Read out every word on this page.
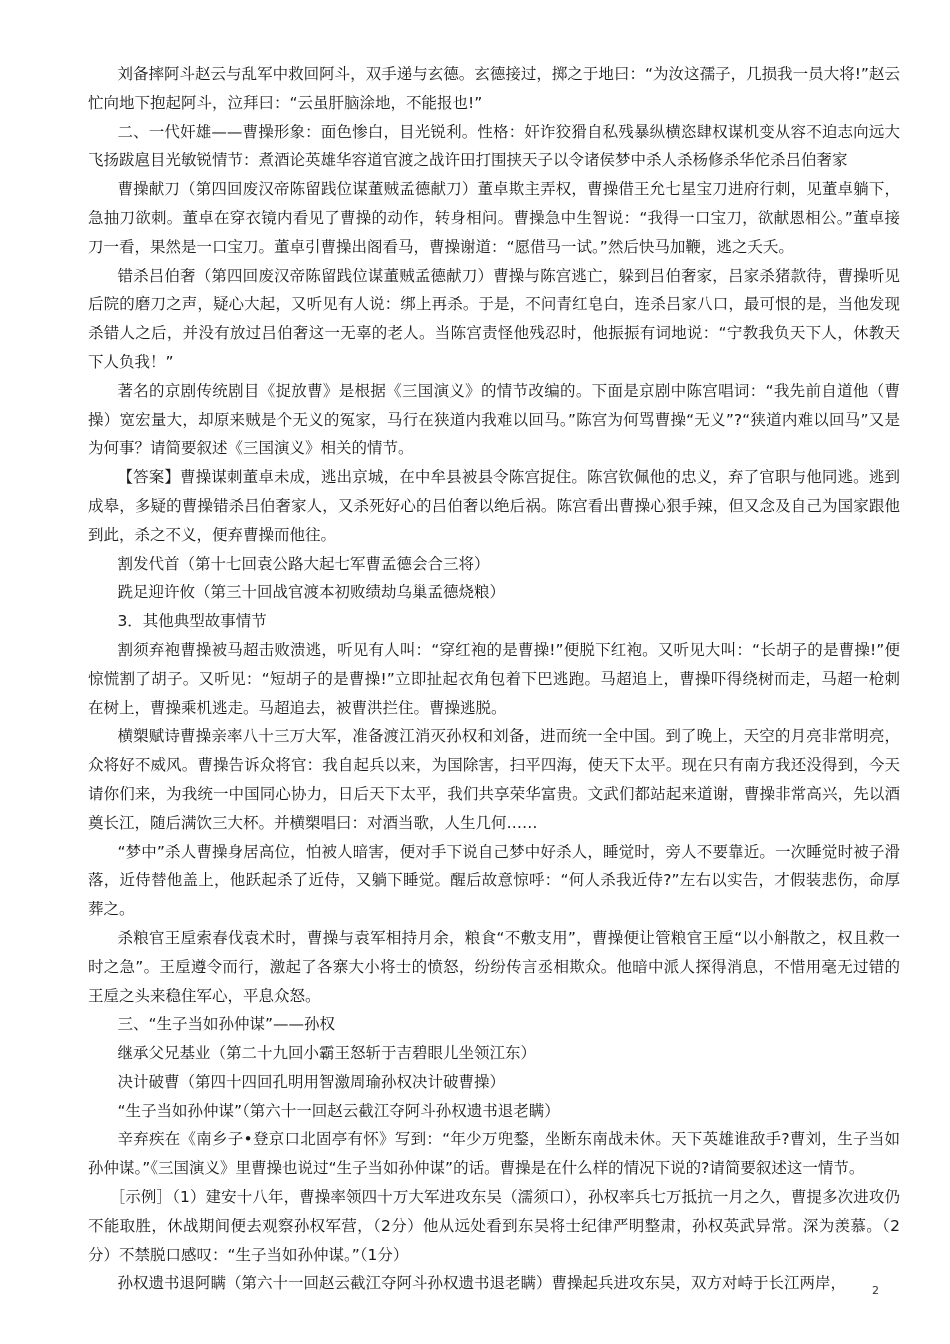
刘备摔阿斗赵云与乱军中救回阿斗，双手递与玄德。玄德接过，掷之于地曰：“为汝这孺子，几损我一员大将!”赵云忙向地下抱起阿斗，泣拜曰：“云虽肝脑涂地，不能报也!”

二、一代奸雄——曹操形象：面色惨白，目光锐利。性格：奸诈狡猾自私残暴纵横恣肆权谋机变从容不迫志向远大飞扬跋扈目光敏锐情节：煮酒论英雄华容道官渡之战许田打围挟天子以令诸侯梦中杀人杀杨修杀华佗杀吕伯奢家

曹操献刀（第四回废汉帝陈留践位谋董贼孟德献刀）董卓欺主弄权，曹操借王允七星宝刀进府行刺，见董卓躺下，急抽刀欲刺。董卓在穿衣镜内看见了曹操的动作，转身相问。曹操急中生智说：“我得一口宝刀，欲献恩相公。”董卓接刀一看，果然是一口宝刀。董卓引曹操出阁看马，曹操谢道：“愿借马一试。”然后快马加鞭，逃之夭夭。

错杀吕伯奢（第四回废汉帝陈留践位谋董贼孟德献刀）曹操与陈宫逃亡，躲到吕伯奢家，吕家杀猪款待，曹操听见后院的磨刀之声，疑心大起，又听见有人说：绑上再杀。于是，不问青红皂白，连杀吕家八口，最可恨的是，当他发现杀错人之后，并没有放过吕伯奢这一无辜的老人。当陈宫责怪他残忍时，他振振有词地说：“宁教我负天下人，休教天下人负我！”

著名的京剧传统剧目《捉放曹》是根据《三国演义》的情节改编的。下面是京剧中陈宫唱词：“我先前自道他（曹操）宽宏量大，却原来贼是个无义的冤家，马行在狭道内我难以回马。”陈宫为何骂曹操“无义”?“狭道内难以回马”又是为何事？请简要叙述《三国演义》相关的情节。

【答案】曹操谋刺董卓未成，逃出京城，在中牟县被县令陈宫捉住。陈宫钦佩他的忠义，弃了官职与他同逃。逃到成皋，多疑的曹操错杀吕伯奢家人，又杀死好心的吕伯奢以绝后祸。陈宫看出曹操心狠手辣，但又念及自己为国家跟他到此，杀之不义，便弃曹操而他往。

割发代首（第十七回袁公路大起七军曹孟德会合三将）

跣足迎许攸（第三十回战官渡本初败绩劫乌巢孟德烧粮）

3．其他典型故事情节

割须弃袍曹操被马超击败溃逃，听见有人叫：“穿红袍的是曹操!”便脱下红袍。又听见大叫：“长胡子的是曹操!”便惊慌割了胡子。又听见：“短胡子的是曹操!”立即扯起衣角包着下巴逃跑。马超追上，曹操吓得绕树而走，马超一枪刺在树上，曹操乘机逃走。马超追去，被曹洪拦住。曹操逃脱。

横槊赋诗曹操亲率八十三万大军，准备渡江消灭孙权和刘备，进而统一全中国。到了晚上，天空的月亮非常明亮，众将好不威风。曹操告诉众将官：我自起兵以来，为国除害，扫平四海，使天下太平。现在只有南方我还没得到，今天请你们来，为我统一中国同心协力，日后天下太平，我们共享荣华富贵。文武们都站起来道谢，曹操非常高兴，先以酒奠长江，随后满饮三大杯。并横槊唱曰：对酒当歌，人生几何……

“梦中”杀人曹操身居高位，怕被人暗害，便对手下说自己梦中好杀人，睡觉时，旁人不要靠近。一次睡觉时被子滑落，近侍替他盖上，他跃起杀了近侍，又躺下睡觉。醒后故意惊呼：“何人杀我近侍?”左右以实告，才假装悲伤，命厚葬之。

杀粮官王垕索春伐袁术时，曹操与袁军相持月余，粮食“不敷支用”，曹操便让管粮官王垕“以小斛散之，权且救一时之急”。王垕遵令而行，激起了各寨大小将士的愤怒，纷纷传言丞相欺众。他暗中派人探得消息，不惜用毫无过错的王垕之头来稳住军心，平息众怒。

三、“生子当如孙仲谋”——孙权

继承父兄基业（第二十九回小霸王怒斩于吉碧眼儿坐领江东）

决计破曹（第四十四回孔明用智激周瑜孙权决计破曹操）

“生子当如孙仲谋”（第六十一回赵云截江夺阿斗孙权遗书退老瞒）

辛弃疾在《南乡子•登京口北固亭有怀》写到：“年少万兜鍪，坐断东南战未休。天下英雄谁敌手?曹刘，生子当如孙仲谋。”《三国演义》里曹操也说过“生子当如孙仲谋”的话。曹操是在什么样的情况下说的?请简要叙述这一情节。

［示例］（1）建安十八年，曹操率领四十万大军进攻东吴（濡须口），孙权率兵七万抵抗一月之久，曹提多次进攻仍不能取胜，休战期间便去观察孙权军营，（2分）他从远处看到东吴将士纪律严明整肃，孙权英武异常。深为羡慕。（2分）不禁脱口感叹：“生子当如孙仲谋。”（1分）

孙权遗书退阿瞒（第六十一回赵云截江夺阿斗孙权遗书退老瞒）曹操起兵进攻东吴，双方对峙于长江两岸，	2
